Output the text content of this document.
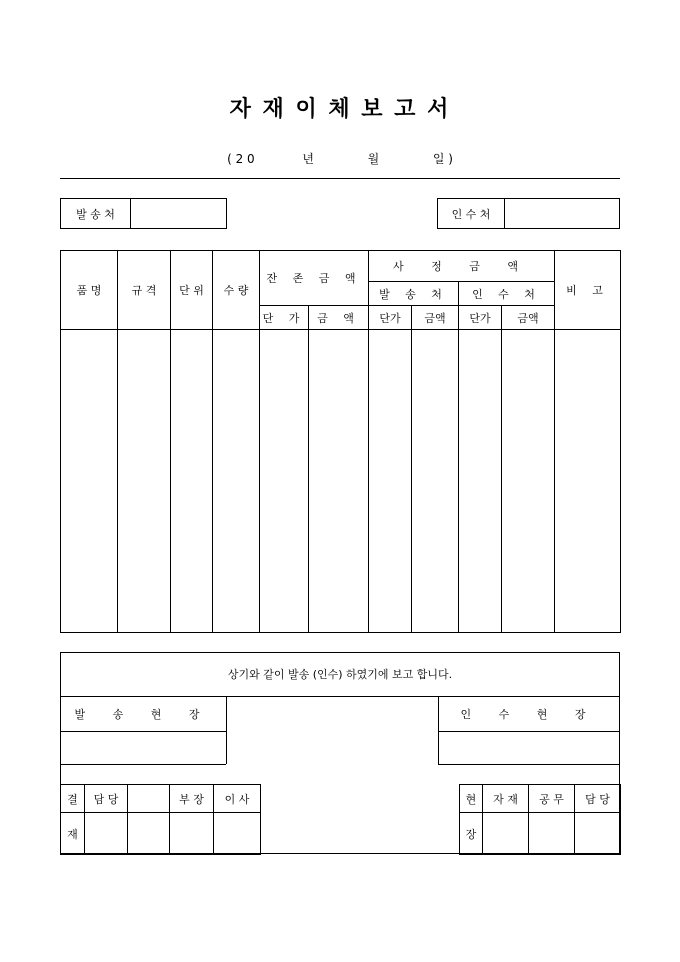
자 재 이 체 보 고 서
( 2 0	년	월	일 )
발 송 처	인 수 처
품 명	규 격	단 위	수 량	잔 존 금 액		사 정 금 액				비 고
						발 송 처		인 수 처		
				단 가	금 액	단가	금액	단가	금액	

상기와 같이 발송 (인수) 하였기에 보고 합니다.
발 송 현 장	인 수 현 장
결	담 당		부 장	이 사
재				
현	자 재	공 무	담 당
장			
